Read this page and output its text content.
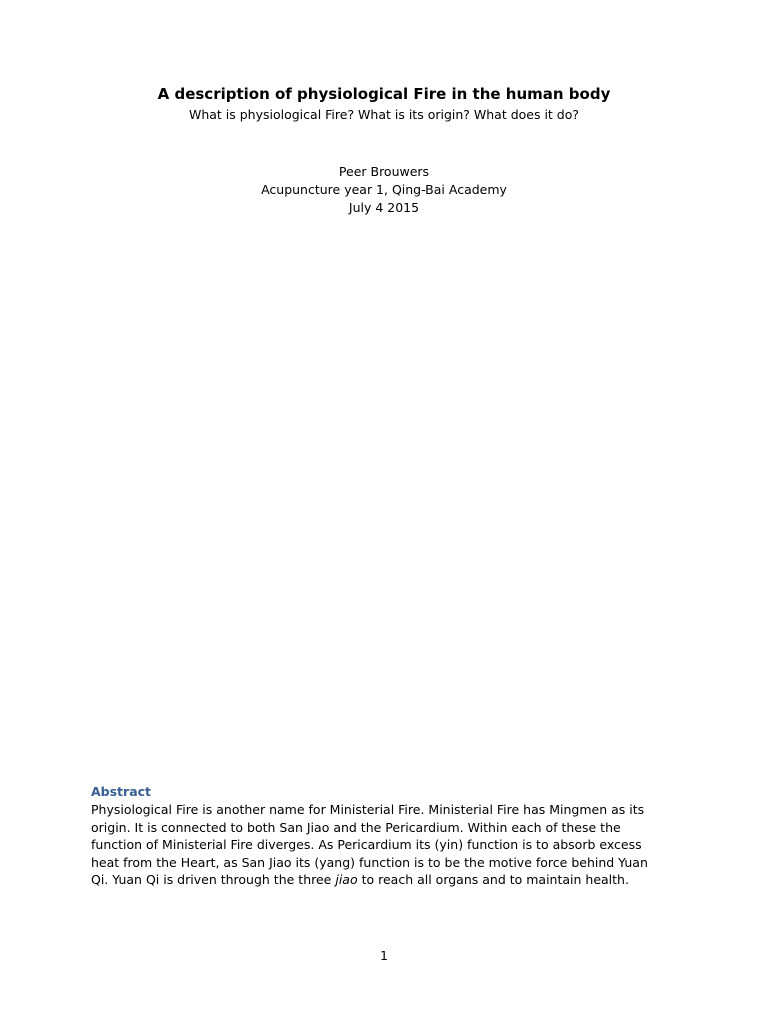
A description of physiological Fire in the human body
What is physiological Fire? What is its origin? What does it do?
Peer Brouwers
Acupuncture year 1, Qing-Bai Academy
July 4 2015
Abstract
Physiological Fire is another name for Ministerial Fire. Ministerial Fire has Mingmen as its
origin. It is connected to both San Jiao and the Pericardium. Within each of these the
function of Ministerial Fire diverges. As Pericardium its (yin) function is to absorb excess
heat from the Heart, as San Jiao its (yang) function is to be the motive force behind Yuan
Qi. Yuan Qi is driven through the three jiao to reach all organs and to maintain health.
1
